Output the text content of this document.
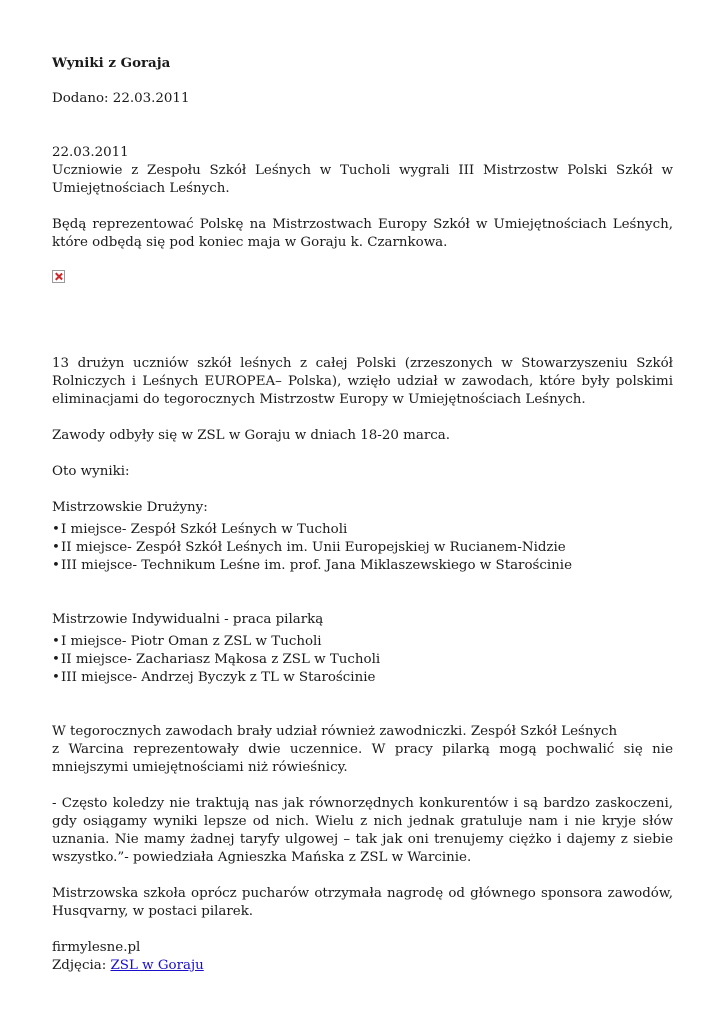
Wyniki z Goraja

Dodano: 22.03.2011

22.03.2011

Uczniowie z Zespołu Szkół Leśnych w Tucholi wygrali III Mistrzostw Polski Szkół w Umiejętnościach Leśnych.

Będą reprezentować Polskę na Mistrzostwach Europy Szkół w Umiejętnościach Leśnych, które odbędą się pod koniec maja w Goraju k. Czarnkowa.

13 drużyn uczniów szkół leśnych z całej Polski (zrzeszonych w Stowarzyszeniu Szkół Rolniczych i Leśnych EUROPEA– Polska), wzięło udział w zawodach, które były polskimi eliminacjami do tegorocznych Mistrzostw Europy w Umiejętnościach Leśnych.

Zawody odbyły się w ZSL w Goraju w dniach 18-20 marca.

Oto wyniki:

Mistrzowskie Drużyny:

• I miejsce- Zespół Szkół Leśnych w Tucholi
• II miejsce- Zespół Szkół Leśnych im. Unii Europejskiej w Rucianem-Nidzie
• III miejsce- Technikum Leśne im. prof. Jana Miklaszewskiego w Starościnie

Mistrzowie Indywidualni - praca pilarką

• I miejsce- Piotr Oman z ZSL w Tucholi
• II miejsce- Zachariasz Mąkosa z ZSL w Tucholi
• III miejsce- Andrzej Byczyk z TL w Starościnie

W tegorocznych zawodach brały udział również zawodniczki. Zespół Szkół Leśnych

z Warcina reprezentowały dwie uczennice. W pracy pilarką mogą pochwalić się nie mniejszymi umiejętnościami niż rówieśnicy.

- Często koledzy nie traktują nas jak równorzędnych konkurentów i są bardzo zaskoczeni, gdy osiągamy wyniki lepsze od nich. Wielu z nich jednak gratuluje nam i nie kryje słów uznania. Nie mamy żadnej taryfy ulgowej – tak jak oni trenujemy ciężko i dajemy z siebie wszystko.”- powiedziała Agnieszka Mańska z ZSL w Warcinie.

Mistrzowska szkoła oprócz pucharów otrzymała nagrodę od głównego sponsora zawodów, Husqvarny, w postaci pilarek.

firmylesne.pl

Zdjęcia: ZSL w Goraju
